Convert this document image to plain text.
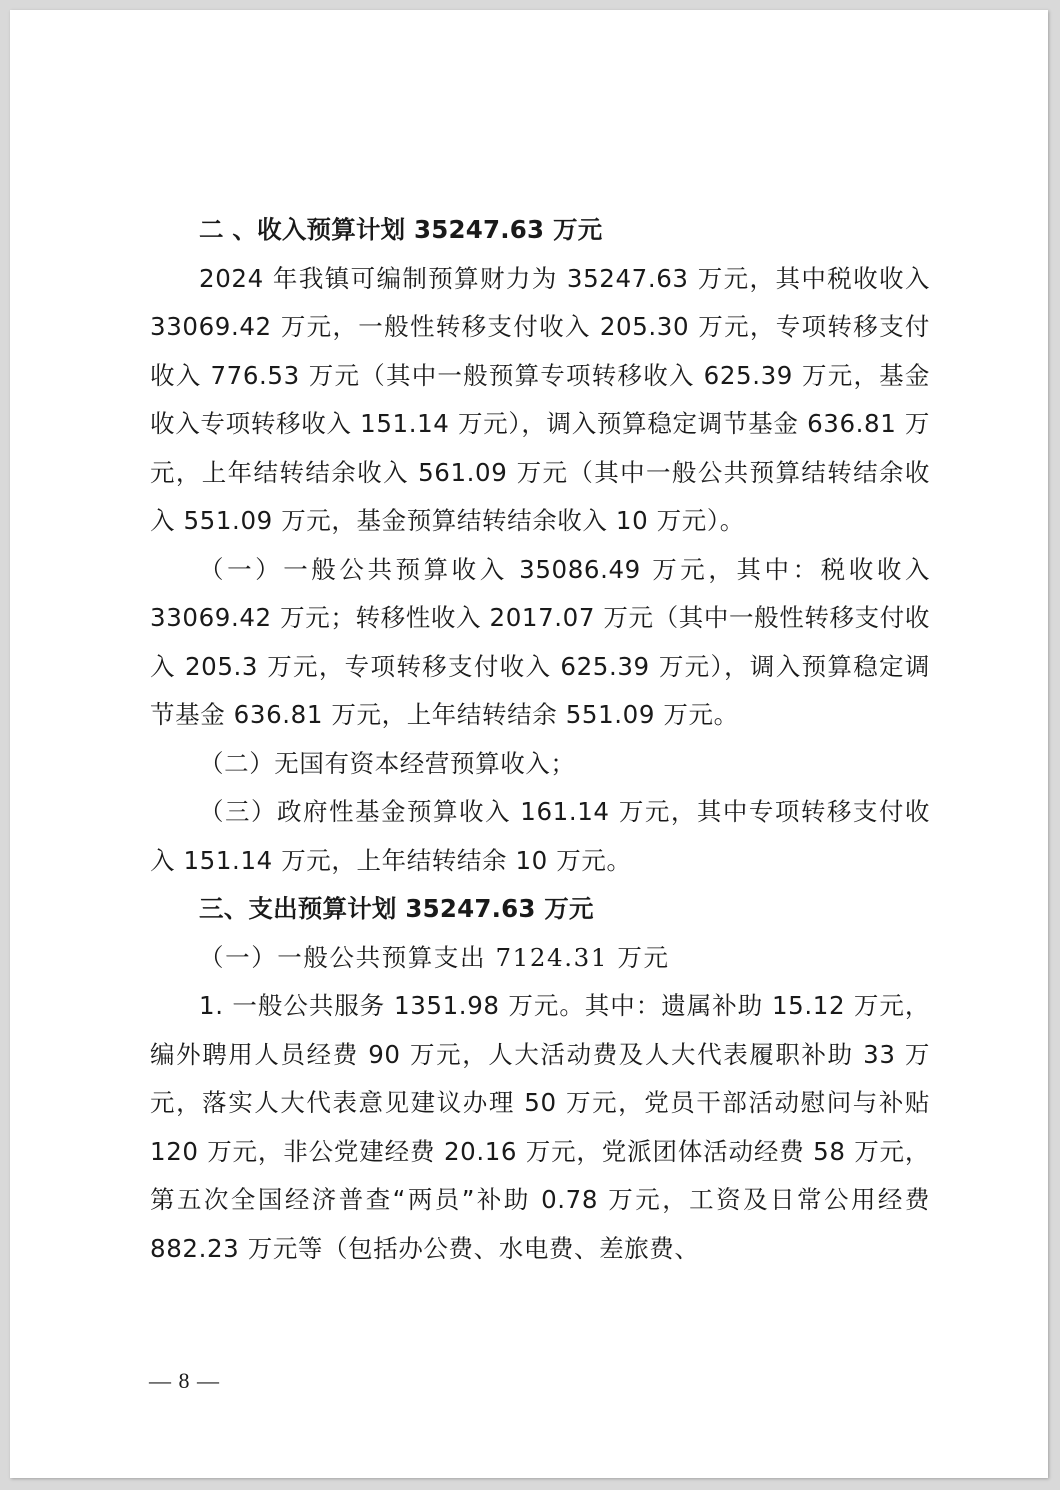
二 、收入预算计划 35247.63 万元

2024 年我镇可编制预算财力为 35247.63 万元，其中税收收入 33069.42 万元，一般性转移支付收入 205.30 万元，专项转移支付收入 776.53 万元（其中一般预算专项转移收入 625.39 万元，基金收入专项转移收入 151.14 万元），调入预算稳定调节基金 636.81 万元，上年结转结余收入 561.09 万元（其中一般公共预算结转结余收入 551.09 万元，基金预算结转结余收入 10 万元）。

（一）一般公共预算收入 35086.49 万元，其中：税收收入 33069.42 万元；转移性收入 2017.07 万元（其中一般性转移支付收入 205.3 万元，专项转移支付收入 625.39 万元），调入预算稳定调节基金 636.81 万元，上年结转结余 551.09 万元。

（二）无国有资本经营预算收入；

（三）政府性基金预算收入 161.14 万元，其中专项转移支付收入 151.14 万元，上年结转结余 10 万元。

三、支出预算计划 35247.63 万元

（一）一般公共预算支出 7124.31 万元

1. 一般公共服务 1351.98 万元。其中：遗属补助 15.12 万元，编外聘用人员经费 90 万元，人大活动费及人大代表履职补助 33 万元，落实人大代表意见建议办理 50 万元，党员干部活动慰问与补贴 120 万元，非公党建经费 20.16 万元，党派团体活动经费 58 万元，第五次全国经济普查“两员”补助 0.78 万元，工资及日常公用经费 882.23 万元等（包括办公费、水电费、差旅费、

— 8 —
